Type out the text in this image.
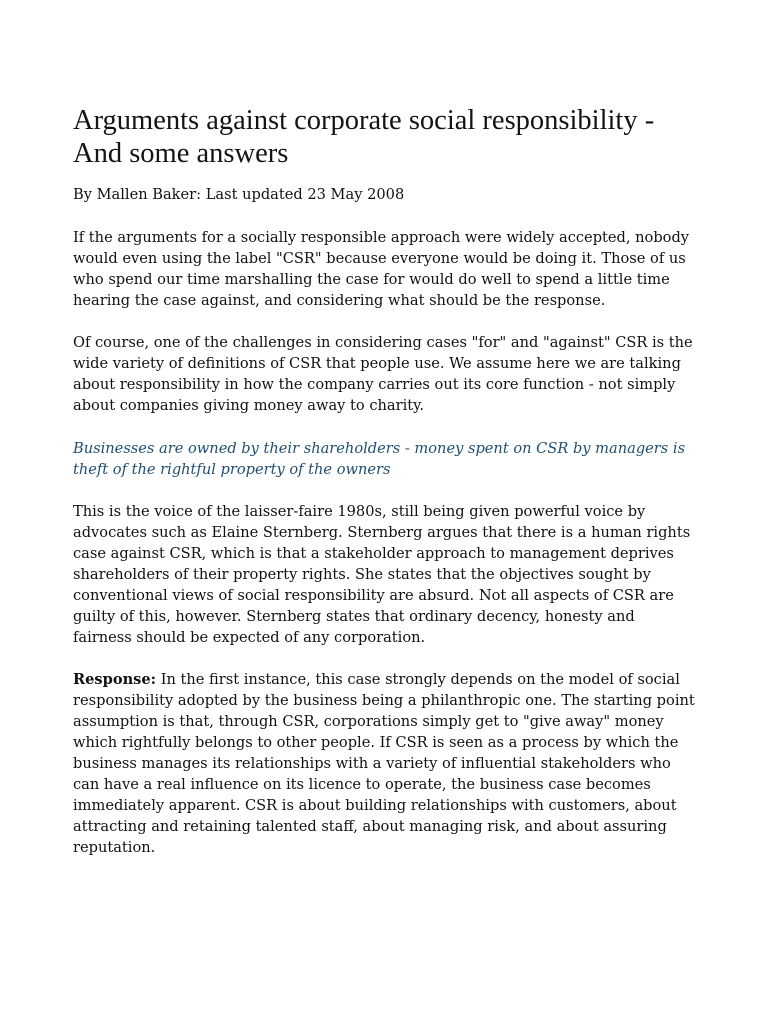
Arguments against corporate social responsibility - And some answers

By Mallen Baker: Last updated 23 May 2008

If the arguments for a socially responsible approach were widely accepted, nobody would even using the label "CSR" because everyone would be doing it. Those of us who spend our time marshalling the case for would do well to spend a little time hearing the case against, and considering what should be the response.

Of course, one of the challenges in considering cases "for" and "against" CSR is the wide variety of definitions of CSR that people use. We assume here we are talking about responsibility in how the company carries out its core function - not simply about companies giving money away to charity.

Businesses are owned by their shareholders - money spent on CSR by managers is theft of the rightful property of the owners

This is the voice of the laisser-faire 1980s, still being given powerful voice by advocates such as Elaine Sternberg. Sternberg argues that there is a human rights case against CSR, which is that a stakeholder approach to management deprives shareholders of their property rights. She states that the objectives sought by conventional views of social responsibility are absurd. Not all aspects of CSR are guilty of this, however. Sternberg states that ordinary decency, honesty and fairness should be expected of any corporation.

Response: In the first instance, this case strongly depends on the model of social responsibility adopted by the business being a philanthropic one. The starting point assumption is that, through CSR, corporations simply get to "give away" money which rightfully belongs to other people. If CSR is seen as a process by which the business manages its relationships with a variety of influential stakeholders who can have a real influence on its licence to operate, the business case becomes immediately apparent. CSR is about building relationships with customers, about attracting and retaining talented staff, about managing risk, and about assuring reputation.
